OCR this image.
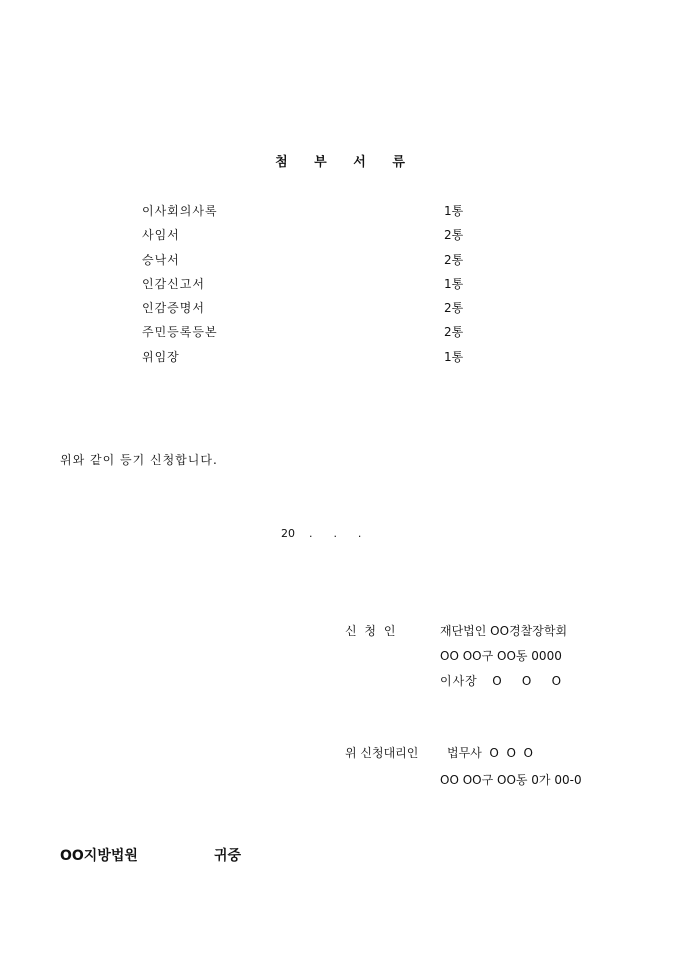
첨 부 서 류
이사회의사록	1통
사임서	2통
승낙서	2통
인감신고서	1통
인감증명서	2통
주민등록등본	2통
위임장	1통
위와 같이 등기 신청합니다.
20    .      .      .
신 청 인	재단법인 OO경찰장학회
OO OO구 OO동 0000
이사장   O    O    O
위 신청대리인 법무사  O  O  O
OO OO구 OO동 0가 00-0
OO지방법원	귀중
